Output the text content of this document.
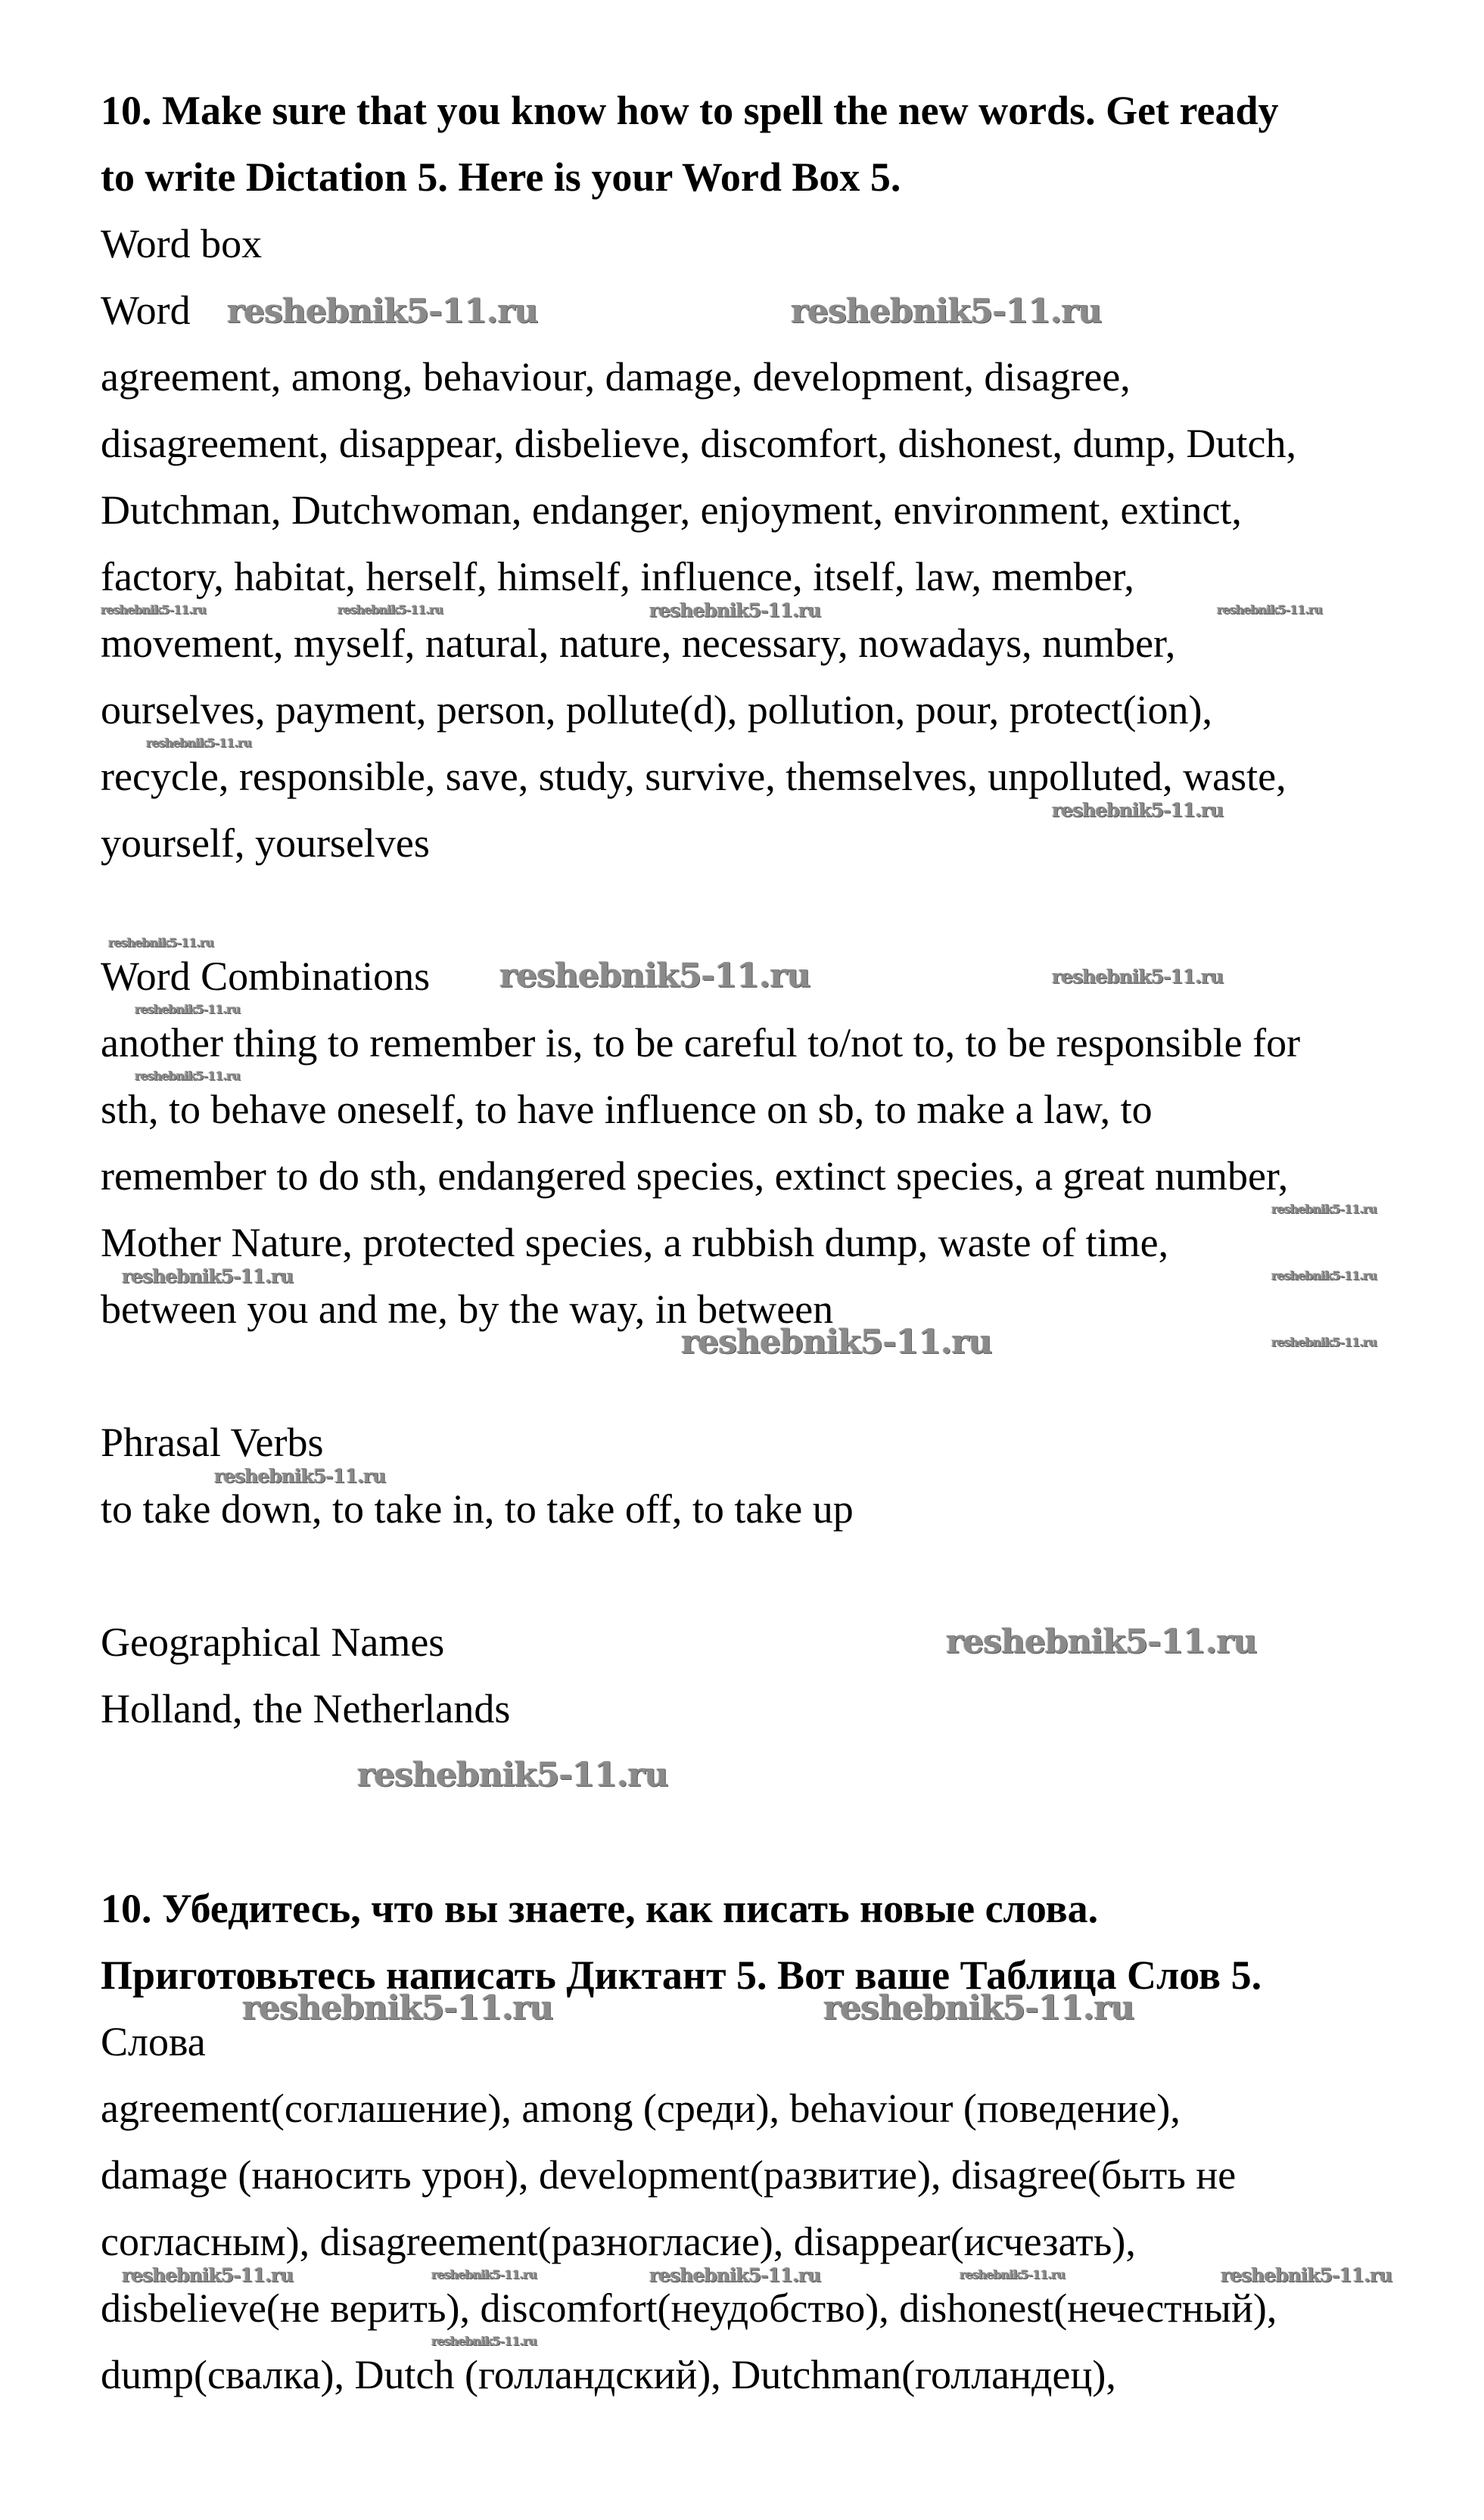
10. Make sure that you know how to spell the new words. Get ready
to write Dictation 5. Here is your Word Box 5.
Word box
Word
agreement, among, behaviour, damage, development, disagree,
disagreement, disappear, disbelieve, discomfort, dishonest, dump, Dutch,
Dutchman, Dutchwoman, endanger, enjoyment, environment, extinct,
factory, habitat, herself, himself, influence, itself, law, member,
movement, myself, natural, nature, necessary, nowadays, number,
ourselves, payment, person, pollute(d), pollution, pour, protect(ion),
recycle, responsible, save, study, survive, themselves, unpolluted, waste,
yourself, yourselves
Word Combinations
another thing to remember is, to be careful to/not to, to be responsible for
sth, to behave oneself, to have influence on sb, to make a law, to
remember to do sth, endangered species, extinct species, a great number,
Mother Nature, protected species, a rubbish dump, waste of time,
between you and me, by the way, in between
Phrasal Verbs
to take down, to take in, to take off, to take up
Geographical Names
Holland, the Netherlands
10. Убедитесь, что вы знаете, как писать новые слова.
Приготовьтесь написать Диктант 5. Вот ваше Таблица Слов 5.
Слова
agreement(соглашение), among (среди), behaviour (поведение),
damage (наносить урон), development(развитие), disagree(быть не
согласным), disagreement(разногласие), disappear(исчезать),
disbelieve(не верить), discomfort(неудобство), dishonest(нечестный),
dump(свалка), Dutch (голландский), Dutchman(голландец),
reshebnik5-11.ru	reshebnik5-11.ru
reshebnik5-11.ru	reshebnik5-11.ru	reshebnik5-11.ru	reshebnik5-11.ru
reshebnik5-11.ru
reshebnik5-11.ru
reshebnik5-11.ru
reshebnik5-11.ru	reshebnik5-11.ru
reshebnik5-11.ru
reshebnik5-11.ru
reshebnik5-11.ru
reshebnik5-11.ru	reshebnik5-11.ru
reshebnik5-11.ru	reshebnik5-11.ru
reshebnik5-11.ru
reshebnik5-11.ru
reshebnik5-11.ru
reshebnik5-11.ru	reshebnik5-11.ru
reshebnik5-11.ru	reshebnik5-11.ru	reshebnik5-11.ru	reshebnik5-11.ru	reshebnik5-11.ru
reshebnik5-11.ru
